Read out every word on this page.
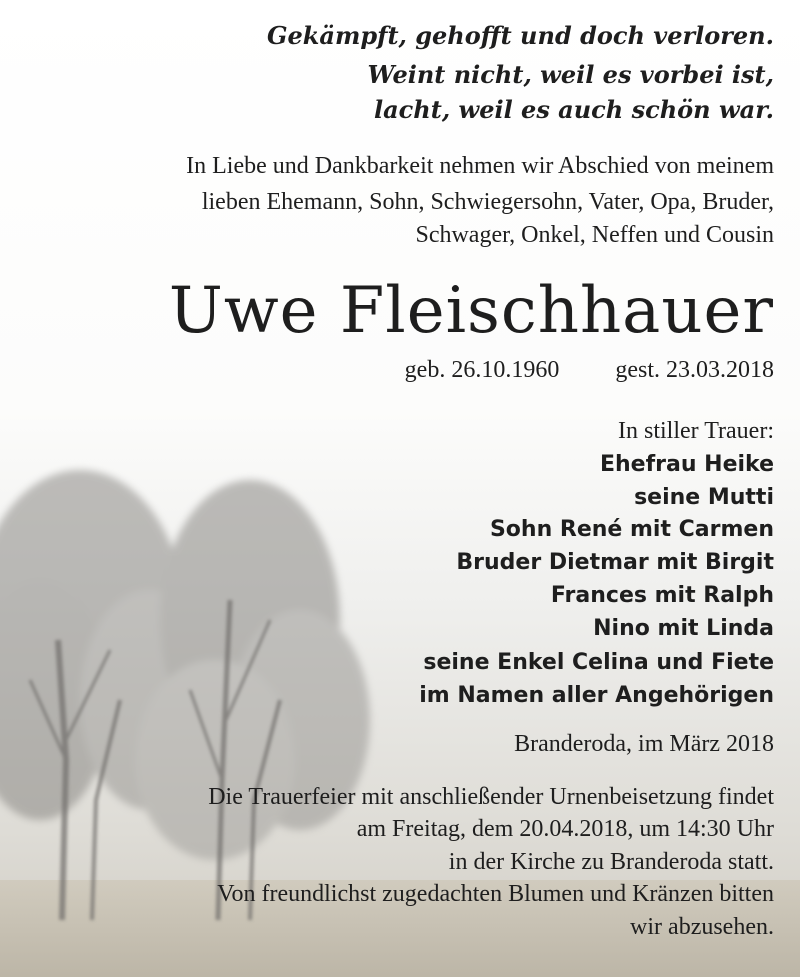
Gekämpft, gehofft und doch verloren.
Weint nicht, weil es vorbei ist,
lacht, weil es auch schön war.
In Liebe und Dankbarkeit nehmen wir Abschied von meinem
lieben Ehemann, Sohn, Schwiegersohn, Vater, Opa, Bruder,
Schwager, Onkel, Neffen und Cousin
Uwe Fleischhauer
geb. 26.10.1960 gest. 23.03.2018
In stiller Trauer:
Ehefrau Heike
seine Mutti
Sohn René mit Carmen
Bruder Dietmar mit Birgit
Frances mit Ralph
Nino mit Linda
seine Enkel Celina und Fiete
im Namen aller Angehörigen
Branderoda, im März 2018
Die Trauerfeier mit anschließender Urnenbeisetzung findet
am Freitag, dem 20.04.2018, um 14:30 Uhr
in der Kirche zu Branderoda statt.
Von freundlichst zugedachten Blumen und Kränzen bitten
wir abzusehen.
